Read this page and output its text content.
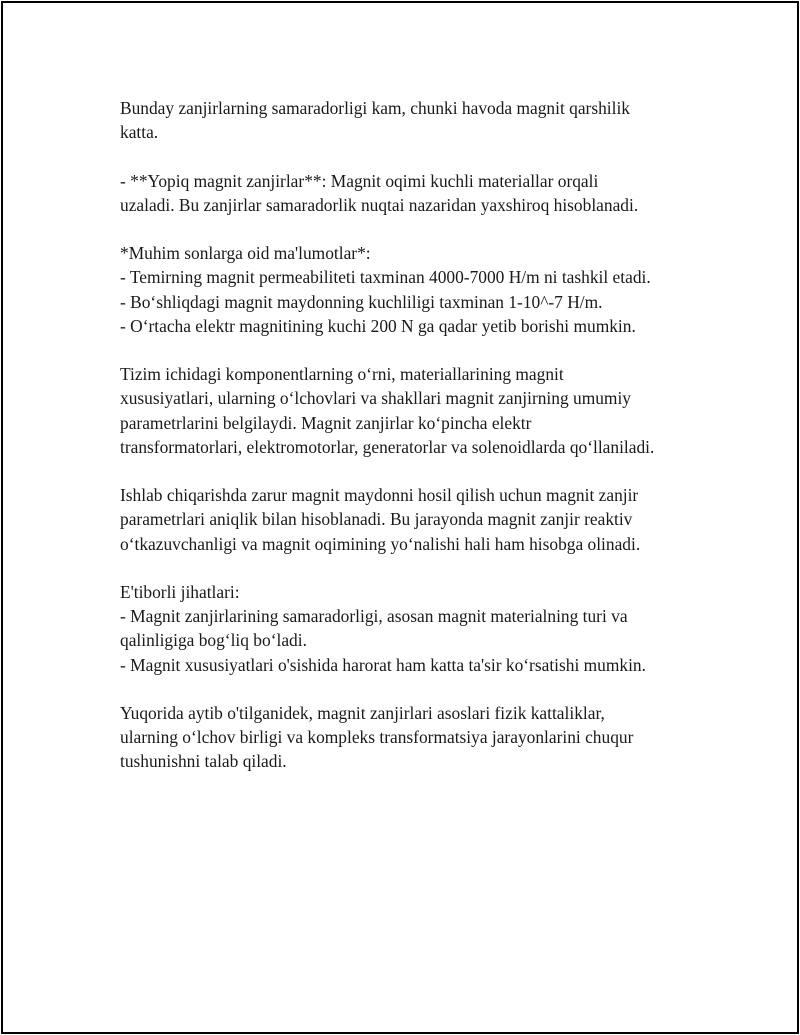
Bunday zanjirlarning samaradorligi kam, chunki havoda magnit qarshilik
katta.

- **Yopiq magnit zanjirlar**: Magnit oqimi kuchli materiallar orqali
uzaladi. Bu zanjirlar samaradorlik nuqtai nazaridan yaxshiroq hisoblanadi.

*Muhim sonlarga oid ma'lumotlar*:
- Temirning magnit permeabiliteti taxminan 4000-7000 H/m ni tashkil etadi.
- Bo‘shliqdagi magnit maydonning kuchliligi taxminan 1-10^-7 H/m.
- O‘rtacha elektr magnitining kuchi 200 N ga qadar yetib borishi mumkin.

Tizim ichidagi komponentlarning o‘rni, materiallarining magnit
xususiyatlari, ularning o‘lchovlari va shakllari magnit zanjirning umumiy
parametrlarini belgilaydi. Magnit zanjirlar ko‘pincha elektr
transformatorlari, elektromotorlar, generatorlar va solenoidlarda qo‘llaniladi.

Ishlab chiqarishda zarur magnit maydonni hosil qilish uchun magnit zanjir
parametrlari aniqlik bilan hisoblanadi. Bu jarayonda magnit zanjir reaktiv
o‘tkazuvchanligi va magnit oqimining yo‘nalishi hali ham hisobga olinadi.

E'tiborli jihatlari:
- Magnit zanjirlarining samaradorligi, asosan magnit materialning turi va
qalinligiga bog‘liq bo‘ladi.
- Magnit xususiyatlari o'sishida harorat ham katta ta'sir ko‘rsatishi mumkin.

Yuqorida aytib o'tilganidek, magnit zanjirlari asoslari fizik kattaliklar,
ularning o‘lchov birligi va kompleks transformatsiya jarayonlarini chuqur
tushunishni talab qiladi.
